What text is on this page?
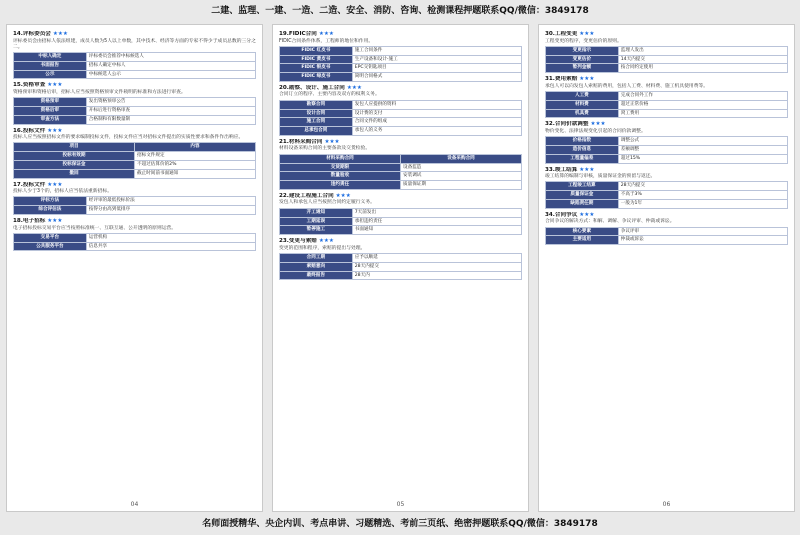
二建、监理、一建、一造、二造、安全、消防、咨询、检测课程押题联系QQ/微信：3849178
14.评标委员会★★★
评标委员会由招标人依法组建，成员人数为5人以上单数，其中技术、经济等方面的专家不得少于成员总数的三分之二。
中标人确定	评标委员会推荐中标候选人
书面报告	招标人确定中标人
公示	中标候选人公示
15.资格审查★★★
资格预审和资格后审，招标人应当按照资格预审文件载明的标准和方法进行审查。
资格预审	发出资格预审公告
资格后审	开标后进行资格审查
审查方法	合格制和有限数量制
16.投标文件★★★
投标人应当按照招标文件的要求编制投标文件，投标文件应当对招标文件提出的实质性要求和条件作出响应。
项目	内容
投标有效期	招标文件规定
投标保证金	不超过估算价的2%
撤回	截止时间前书面通知
17.投标文件★★★
投标人少于3个的，招标人应当依法重新招标。
评标方法	经评审的最低投标价法
综合评估法	按得分由高到低排序
18.电子招标★★★
电子招标投标交易平台应当按照标准统一、互联互通、公开透明的原则运营。
交易平台	运营机构
公共服务平台	信息共享
04
19.FIDIC合同★★★
FIDIC合同条件体系，工程师的地位和作用。
FIDIC 红皮书	施工合同条件
FIDIC 黄皮书	生产设备和设计-施工
FIDIC 银皮书	EPC交钥匙项目
FIDIC 绿皮书	简明合同格式
20.勘察、设计、施工合同★★★
合同订立的程序、主要内容及双方的权利义务。
勘察合同	发包人应提供的资料
设计合同	设计费的支付
施工合同	合同文件的组成
总承包合同	承包人的义务
21.材料采购合同★★★
材料设备采购合同的主要条款及交货检验。
材料采购合同	设备采购合同
交货期限	设备监造
数量验收	安装调试
违约责任	质量保证期
22.建设工程施工合同★★★
发包人和承包人应当按照合同约定履行义务。
开工通知	7天前发出
工期延误	承担违约责任
暂停施工	书面通知
23.变更与索赔★★★
变更的范围和程序，索赔的提出与处理。
合同工期	应予以顺延
索赔意向	28天内提交
最终报告	28天内
05
30.工程变更★★★
工程变更的程序，变更估价的原则。
变更指示	监理人发出
变更估价	14天内提交
暂列金额	按合同约定使用
31.费用索赔★★★
承包人可以向发包人索赔的费用，包括人工费、材料费、施工机具使用费等。
人工费	完成合同外工作
材料费	超过正常价格
机具费	窝工费用
32.合同价款调整★★★
物价变化、法律法规变化引起的合同价款调整。
价格指数	调整公式
造价信息	差额调整
工程量偏差	超过15%
33.竣工结算★★★
竣工结算的编制与审核，质量保证金的预留与返还。
工程竣工结算	28天内提交
质量保证金	不高于3%
缺陷责任期	一般为1年
34.合同争议★★★
合同争议的解决方式：和解、调解、争议评审、仲裁或诉讼。
核心要素	争议评审
主要适用	仲裁或诉讼
06
名师面授精华、央企内训、考点串讲、习题精选、考前三页纸、绝密押题联系QQ/微信：3849178
